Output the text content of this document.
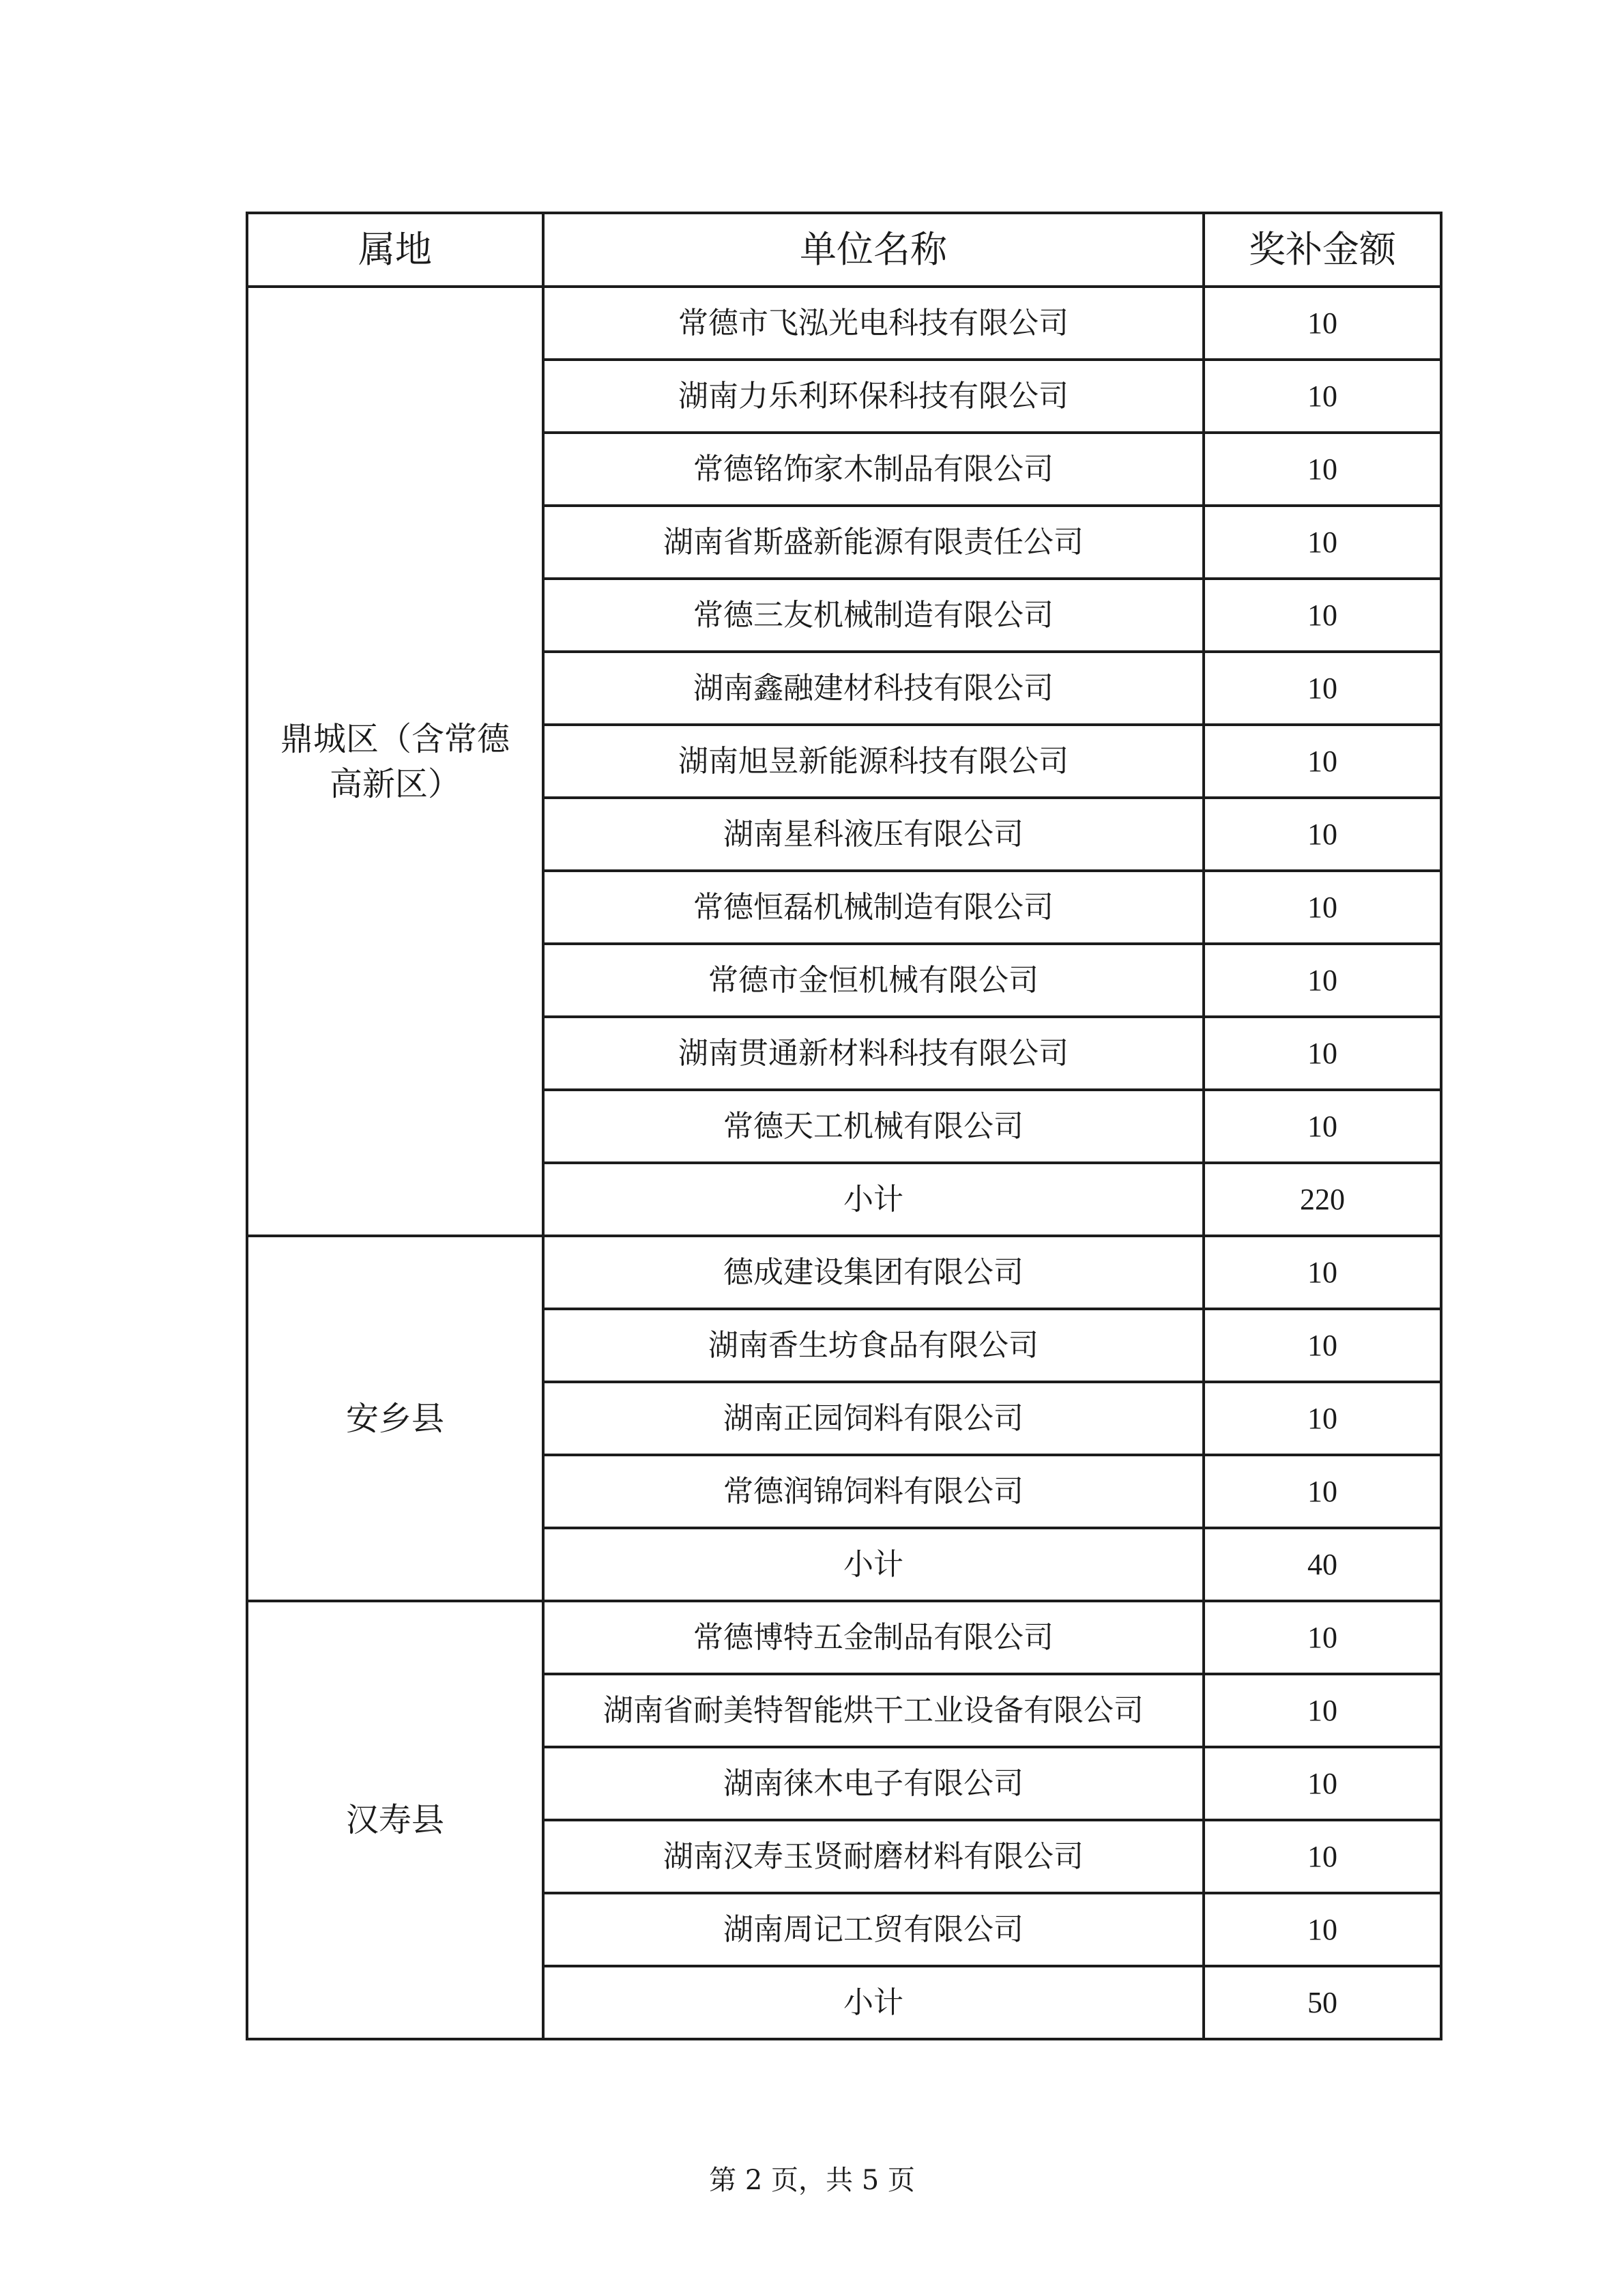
属地	单位名称	奖补金额
鼎城区（含常德高新区）	常德市飞泓光电科技有限公司	10
	湖南力乐利环保科技有限公司	10
	常德铭饰家木制品有限公司	10
	湖南省斯盛新能源有限责任公司	10
	常德三友机械制造有限公司	10
	湖南鑫融建材科技有限公司	10
	湖南旭昱新能源科技有限公司	10
	湖南星科液压有限公司	10
	常德恒磊机械制造有限公司	10
	常德市金恒机械有限公司	10
	湖南贯通新材料科技有限公司	10
	常德天工机械有限公司	10
	小计	220
安乡县	德成建设集团有限公司	10
	湖南香生坊食品有限公司	10
	湖南正园饲料有限公司	10
	常德润锦饲料有限公司	10
	小计	40
汉寿县	常德博特五金制品有限公司	10
	湖南省耐美特智能烘干工业设备有限公司	10
	湖南徕木电子有限公司	10
	湖南汉寿玉贤耐磨材料有限公司	10
	湖南周记工贸有限公司	10
	小计	50
第 2 页，共 5 页
